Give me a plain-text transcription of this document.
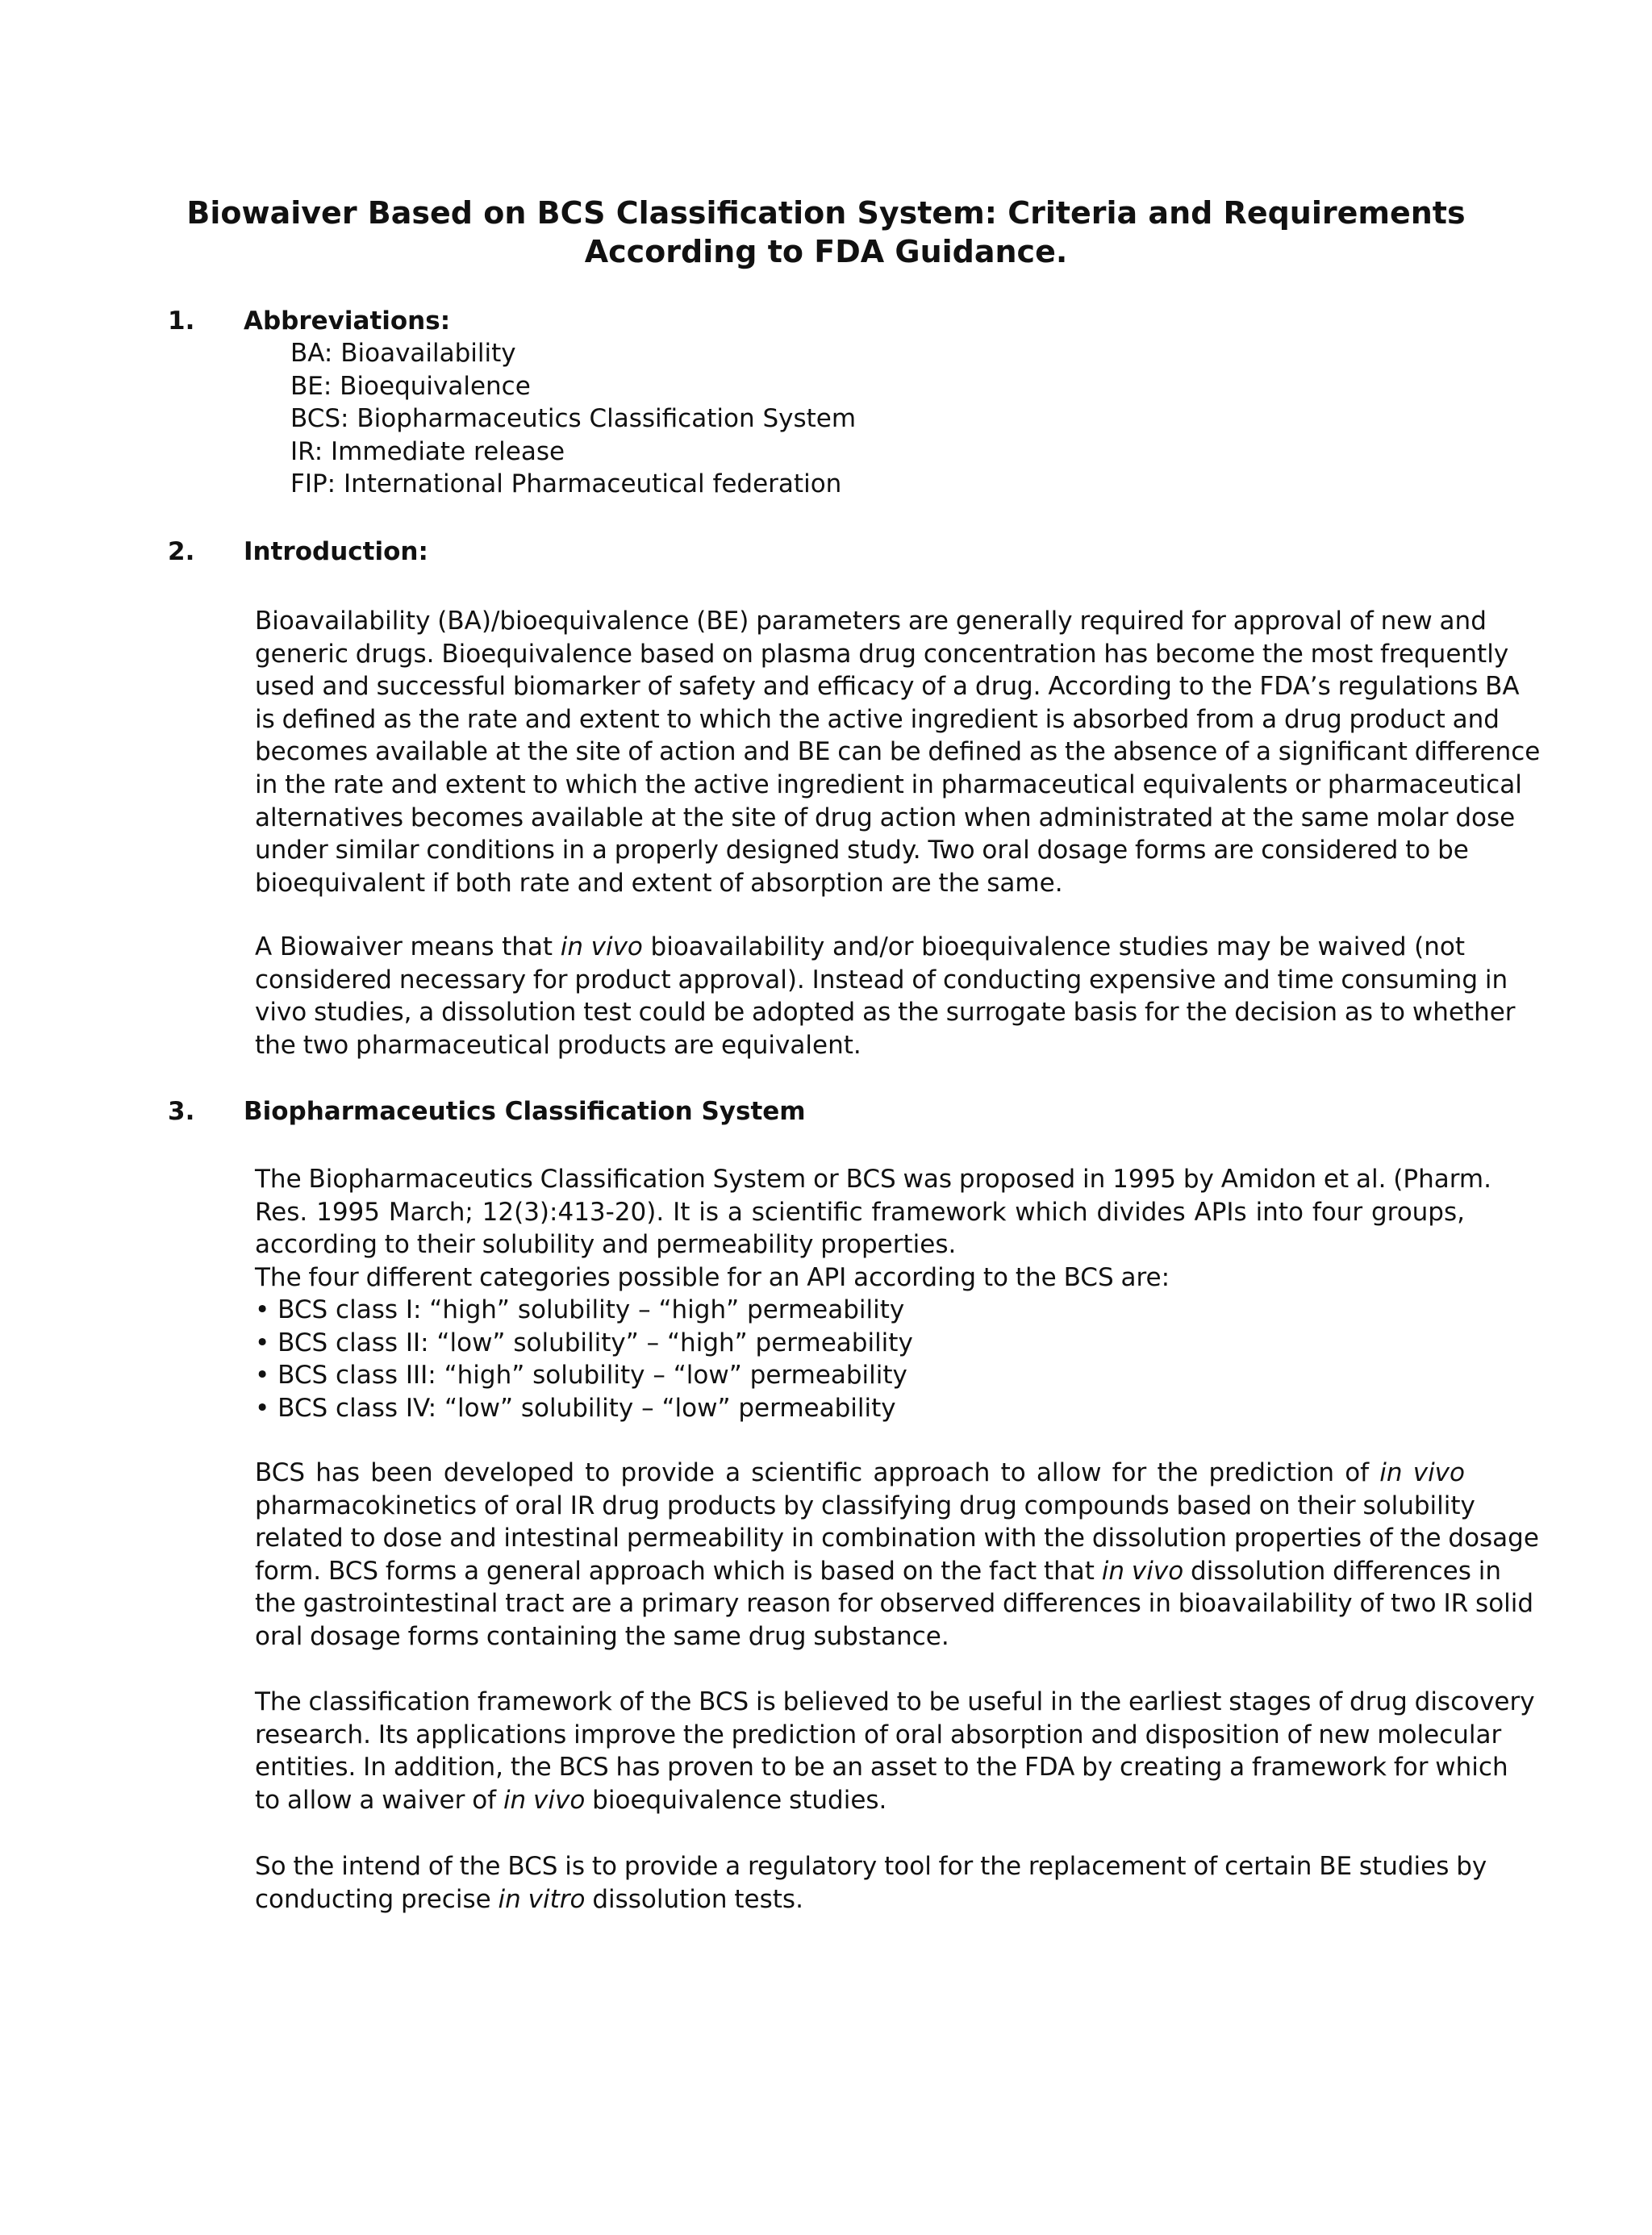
Biowaiver Based on BCS Classification System: Criteria and Requirements
According to FDA Guidance.
1. Abbreviations:
BA: Bioavailability
BE: Bioequivalence
BCS: Biopharmaceutics Classification System
IR: Immediate release
FIP: International Pharmaceutical federation
2. Introduction:
Bioavailability (BA)/bioequivalence (BE) parameters are generally required for approval of new and
generic drugs. Bioequivalence based on plasma drug concentration has become the most frequently
used and successful biomarker of safety and efficacy of a drug. According to the FDA’s regulations BA
is defined as the rate and extent to which the active ingredient is absorbed from a drug product and
becomes available at the site of action and BE can be defined as the absence of a significant difference
in the rate and extent to which the active ingredient in pharmaceutical equivalents or pharmaceutical
alternatives becomes available at the site of drug action when administrated at the same molar dose
under similar conditions in a properly designed study. Two oral dosage forms are considered to be
bioequivalent if both rate and extent of absorption are the same.
A Biowaiver means that in vivo bioavailability and/or bioequivalence studies may be waived (not
considered necessary for product approval). Instead of conducting expensive and time consuming in
vivo studies, a dissolution test could be adopted as the surrogate basis for the decision as to whether
the two pharmaceutical products are equivalent.
3. Biopharmaceutics Classification System
The Biopharmaceutics Classification System or BCS was proposed in 1995 by Amidon et al. (Pharm.
Res. 1995 March; 12(3):413-20). It is a scientific framework which divides APIs into four groups,
according to their solubility and permeability properties.
The four different categories possible for an API according to the BCS are:
• BCS class I: “high” solubility – “high” permeability
• BCS class II: “low” solubility” – “high” permeability
• BCS class III: “high” solubility – “low” permeability
• BCS class IV: “low” solubility – “low” permeability
BCS has been developed to provide a scientific approach to allow for the prediction of in vivo
pharmacokinetics of oral IR drug products by classifying drug compounds based on their solubility
related to dose and intestinal permeability in combination with the dissolution properties of the dosage
form. BCS forms a general approach which is based on the fact that in vivo dissolution differences in
the gastrointestinal tract are a primary reason for observed differences in bioavailability of two IR solid
oral dosage forms containing the same drug substance.
The classification framework of the BCS is believed to be useful in the earliest stages of drug discovery
research. Its applications improve the prediction of oral absorption and disposition of new molecular
entities. In addition, the BCS has proven to be an asset to the FDA by creating a framework for which
to allow a waiver of in vivo bioequivalence studies.
So the intend of the BCS is to provide a regulatory tool for the replacement of certain BE studies by
conducting precise in vitro dissolution tests.
